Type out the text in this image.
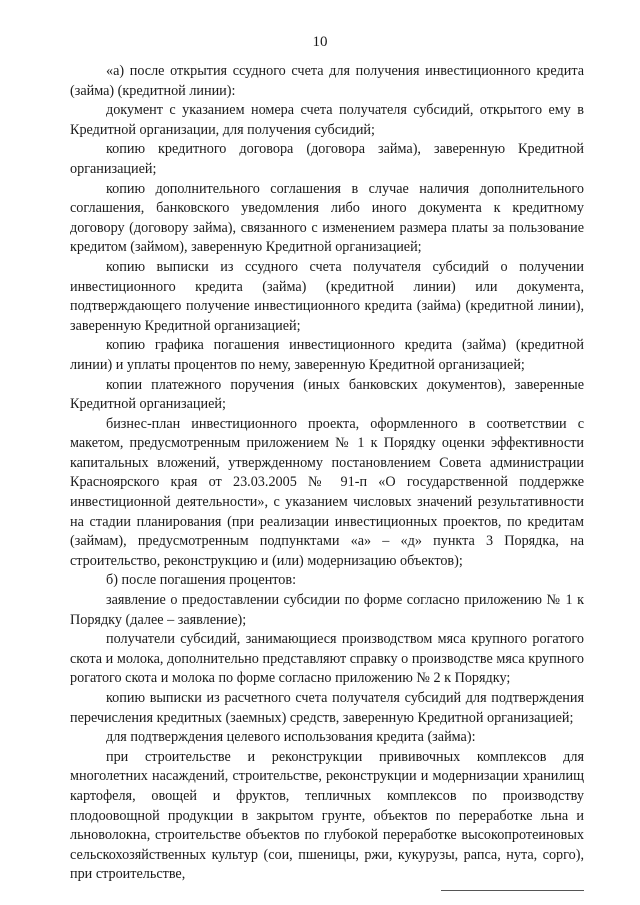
10

«а) после открытия ссудного счета для получения инвестиционного кредита (займа) (кредитной линии):

документ с указанием номера счета получателя субсидий, открытого ему в Кредитной организации, для получения субсидий;

копию кредитного договора (договора займа), заверенную Кредитной организацией;

копию дополнительного соглашения в случае наличия дополнительного соглашения, банковского уведомления либо иного документа к кредитному договору (договору займа), связанного с изменением размера платы за пользование кредитом (займом), заверенную Кредитной организацией;

копию выписки из ссудного счета получателя субсидий о получении инвестиционного кредита (займа) (кредитной линии) или документа, подтверждающего получение инвестиционного кредита (займа) (кредитной линии), заверенную Кредитной организацией;

копию графика погашения инвестиционного кредита (займа) (кредитной линии) и уплаты процентов по нему, заверенную Кредитной организацией;

копии платежного поручения (иных банковских документов), заверенные Кредитной организацией;

бизнес-план инвестиционного проекта, оформленного в соответствии с макетом, предусмотренным приложением № 1 к Порядку оценки эффективности капитальных вложений, утвержденному постановлением Совета администрации Красноярского края от 23.03.2005 № 91-п «О государственной поддержке инвестиционной деятельности», с указанием числовых значений результативности на стадии планирования (при реализации инвестиционных проектов, по кредитам (займам), предусмотренным подпунктами «а» – «д» пункта 3 Порядка, на строительство, реконструкцию и (или) модернизацию объектов);

б) после погашения процентов:

заявление о предоставлении субсидии по форме согласно приложению № 1 к Порядку (далее – заявление);

получатели субсидий, занимающиеся производством мяса крупного рогатого скота и молока, дополнительно представляют справку о производстве мяса крупного рогатого скота и молока по форме согласно приложению № 2 к Порядку;

копию выписки из расчетного счета получателя субсидий для подтверждения перечисления кредитных (заемных) средств, заверенную Кредитной организацией;

для подтверждения целевого использования кредита (займа):

при строительстве и реконструкции прививочных комплексов для многолетних насаждений, строительстве, реконструкции и модернизации хранилищ картофеля, овощей и фруктов, тепличных комплексов по производству плодоовощной продукции в закрытом грунте, объектов по переработке льна и льноволокна, строительстве объектов по глубокой переработке высокопротеиновых сельскохозяйственных культур (сои, пшеницы, ржи, кукурузы, рапса, нута, сорго), при строительстве,
